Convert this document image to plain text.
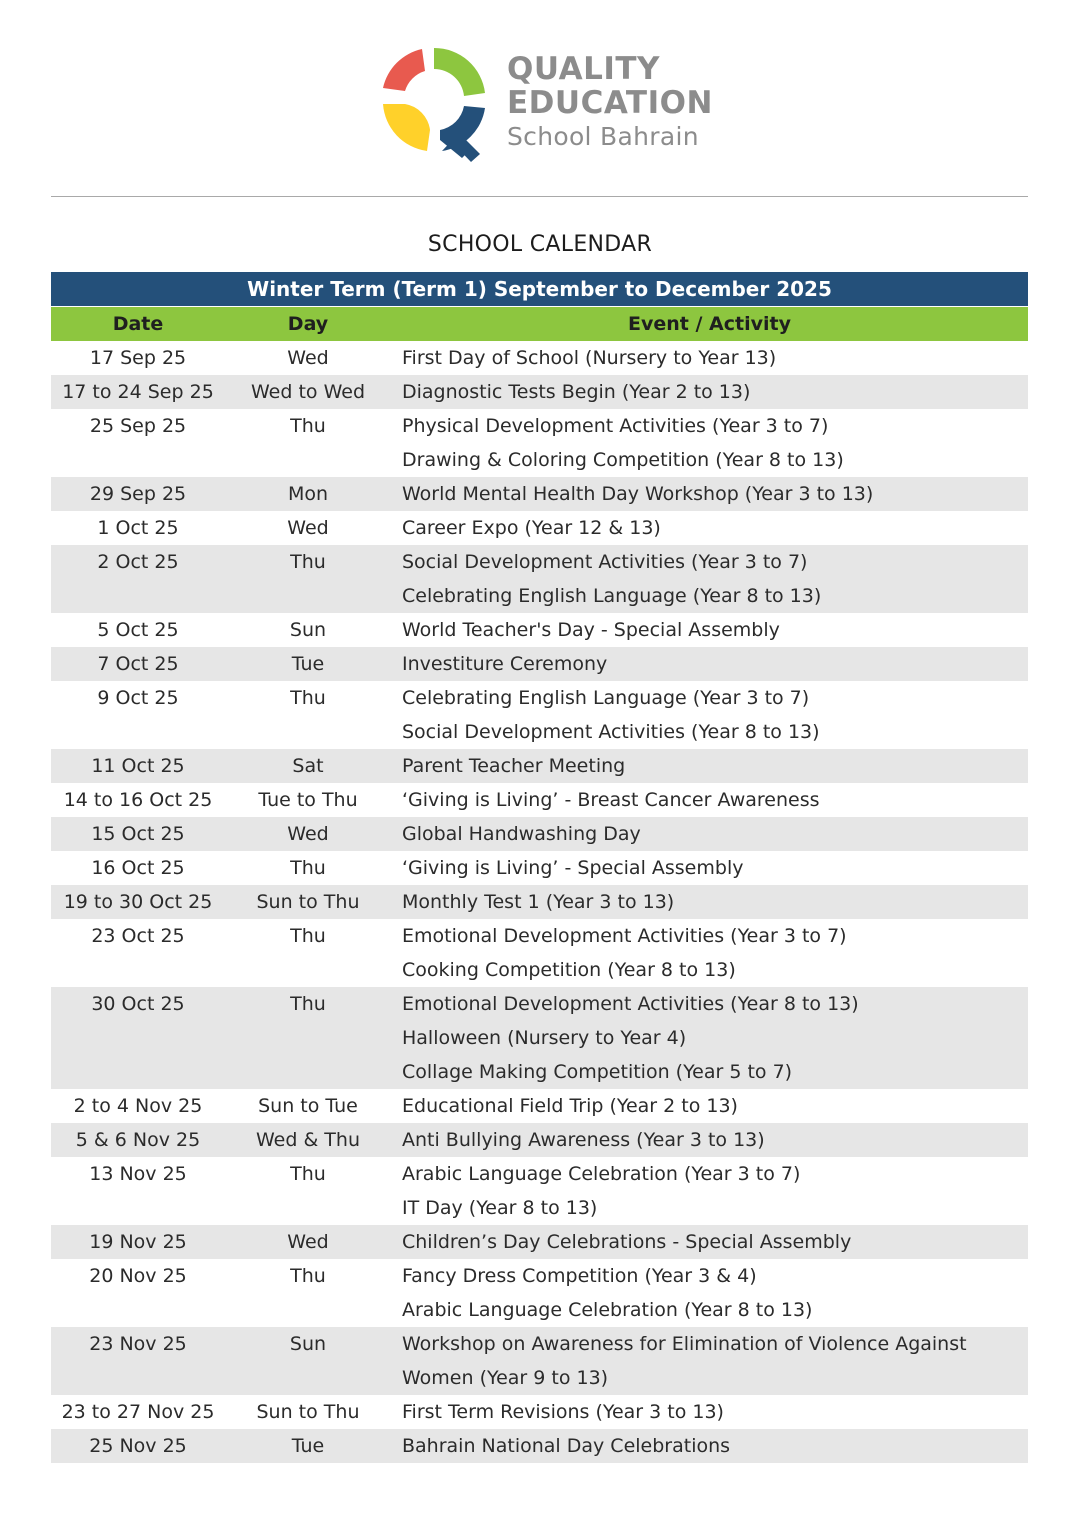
QUALITY
EDUCATION
School Bahrain
SCHOOL CALENDAR
Winter Term (Term 1) September to December 2025
Date	Day	Event / Activity
17 Sep 25	Wed	First Day of School (Nursery to Year 13)

17 to 24 Sep 25	Wed to Wed	Diagnostic Tests Begin (Year 2 to 13)

25 Sep 25	Thu	Physical Development Activities (Year 3 to 7)
Drawing & Coloring Competition (Year 8 to 13)

29 Sep 25	Mon	World Mental Health Day Workshop (Year 3 to 13)

1 Oct 25	Wed	Career Expo (Year 12 & 13)

2 Oct 25	Thu	Social Development Activities (Year 3 to 7)
Celebrating English Language (Year 8 to 13)

5 Oct 25	Sun	World Teacher's Day - Special Assembly

7 Oct 25	Tue	Investiture Ceremony

9 Oct 25	Thu	Celebrating English Language (Year 3 to 7)
Social Development Activities (Year 8 to 13)

11 Oct 25	Sat	Parent Teacher Meeting

14 to 16 Oct 25	Tue to Thu	‘Giving is Living’ - Breast Cancer Awareness

15 Oct 25	Wed	Global Handwashing Day

16 Oct 25	Thu	‘Giving is Living’ - Special Assembly

19 to 30 Oct 25	Sun to Thu	Monthly Test 1 (Year 3 to 13)

23 Oct 25	Thu	Emotional Development Activities (Year 3 to 7)
Cooking Competition (Year 8 to 13)

30 Oct 25	Thu	Emotional Development Activities (Year 8 to 13)
Halloween (Nursery to Year 4)
Collage Making Competition (Year 5 to 7)

2 to 4 Nov 25	Sun to Tue	Educational Field Trip (Year 2 to 13)

5 & 6 Nov 25	Wed & Thu	Anti Bullying Awareness (Year 3 to 13)

13 Nov 25	Thu	Arabic Language Celebration (Year 3 to 7)
IT Day (Year 8 to 13)

19 Nov 25	Wed	Children’s Day Celebrations - Special Assembly

20 Nov 25	Thu	Fancy Dress Competition (Year 3 & 4)
Arabic Language Celebration (Year 8 to 13)

23 Nov 25	Sun	Workshop on Awareness for Elimination of Violence Against
Women (Year 9 to 13)

23 to 27 Nov 25	Sun to Thu	First Term Revisions (Year 3 to 13)

25 Nov 25	Tue	Bahrain National Day Celebrations
